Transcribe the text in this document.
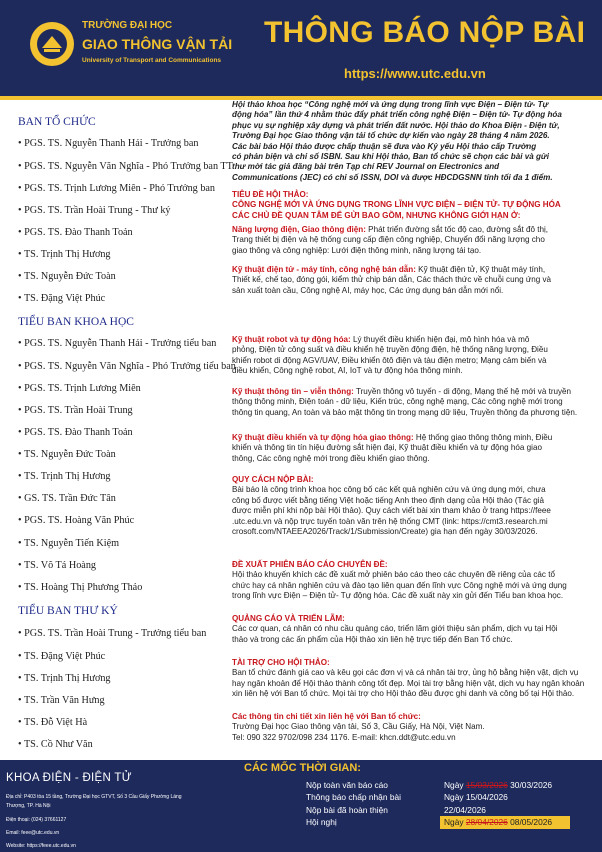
TRƯỜNG ĐẠI HỌC
GIAO THÔNG VẬN TẢI
University of Transport and Communications
THÔNG BÁO NỘP BÀI
https://www.utc.edu.vn
BAN TỔ CHỨC
• PGS. TS. Nguyễn Thanh Hải - Trưởng ban
• PGS. TS. Nguyễn Văn Nghĩa - Phó Trưởng ban TT
• PGS. TS. Trịnh Lương Miên - Phó Trưởng ban
• PGS. TS. Trần Hoài Trung - Thư ký
• PGS. TS. Đào Thanh Toản
• TS. Trịnh Thị Hương
• TS. Nguyễn Đức Toàn
• TS. Đặng Việt Phúc
TIỂU BAN KHOA HỌC
• PGS. TS. Nguyễn Thanh Hải - Trưởng tiểu ban
• PGS. TS. Nguyễn Văn Nghĩa - Phó Trưởng tiểu ban
• PGS. TS. Trịnh Lương Miên
• PGS. TS. Trần Hoài Trung
• PGS. TS. Đào Thanh Toản
• TS. Nguyễn Đức Toàn
• TS. Trịnh Thị Hương
• GS. TS. Trần Đức Tân
• PGS. TS. Hoàng Văn Phúc
• TS. Nguyễn Tiến Kiệm
• TS. Võ Tá Hoàng
• TS. Hoàng Thị Phương Thảo
TIỂU BAN THƯ KÝ
• PGS. TS. Trần Hoài Trung - Trưởng tiểu ban
• TS. Đặng Việt Phúc
• TS. Trịnh Thị Hương
• TS. Trần Văn Hưng
• TS. Đỗ Việt Hà
• TS. Cồ Như Văn
Hội thảo khoa học “Công nghệ mới và ứng dụng trong lĩnh vực Điện – Điện tử- Tự
động hóa” lần thứ 4 nhằm thúc đẩy phát triển công nghệ Điện – Điện tử- Tự động hóa
phục vụ sự nghiệp xây dựng và phát triển đất nước. Hội thảo do Khoa Điện - Điện tử,
Trường Đại học Giao thông vận tải tổ chức dự kiến vào ngày 28 tháng 4 năm 2026.
Các bài báo Hội thảo được chấp thuận sẽ đưa vào Kỷ yếu Hội thảo cấp Trường
có phản biện và chỉ số ISBN. Sau khi Hội thảo, Ban tổ chức sẽ chọn các bài và gửi
thư mời tác giả đăng bài trên Tạp chí REV Journal on Electronics and
Communications (JEC) có chỉ số ISSN, DOI và được HĐCDGSNN tính tối đa 1 điểm.
TIÊU ĐỀ HỘI THẢO:
CÔNG NGHỆ MỚI VÀ ỨNG DỤNG TRONG LĨNH VỰC ĐIỆN – ĐIỆN TỬ- TỰ ĐỘNG HÓA
CÁC CHỦ ĐỀ QUAN TÂM ĐỂ GỬI BAO GỒM, NHƯNG KHÔNG GIỚI HẠN Ở:
Năng lượng điện, Giao thông điện: Phát triển đường sắt tốc độ cao, đường sắt đô thị,
Trang thiết bị điện và hệ thống cung cấp điện công nghiệp, Chuyển đổi năng lượng cho
giao thông và công nghiệp: Lưới điện thông minh, năng lượng tái tạo.
Kỹ thuật điện tử - máy tính, công nghệ bán dẫn: Kỹ thuật điện tử, Kỹ thuật máy tính,
Thiết kế, chế tạo, đóng gói, kiểm thử chip bán dẫn, Các thách thức về chuỗi cung ứng và
sản xuất toàn cầu, Công nghệ AI, máy học, Các ứng dụng bán dẫn mới nổi.
Kỹ thuật robot và tự động hóa: Lý thuyết điều khiển hiện đại, mô hình hóa và mô
phỏng, Điện tử công suất và điều khiển hệ truyền động điện, hệ thống năng lượng, Điều
khiển robot di động AGV/UAV, Điều khiển ôtô điện và tàu điện metro; Mạng cảm biến và
điều khiển, Công nghệ robot, AI, IoT và tự động hóa thông minh.
Kỹ thuật thông tin – viễn thông: Truyền thông vô tuyến - di động, Mạng thế hệ mới và truyền
thông thông minh, Điện toán - dữ liệu, Kiến trúc, công nghệ mạng, Các công nghệ mới trong
thông tin quang, An toàn và bảo mật thông tin trong mạng dữ liệu, Truyền thông đa phương tiện.
Kỹ thuật điều khiển và tự động hóa giao thông: Hệ thống giao thông thông minh, Điều
khiển và thông tin tín hiệu đường sắt hiện đại, Kỹ thuật điều khiển và tự động hóa giao
thông, Các công nghệ mới trong điều khiển giao thông.
QUY CÁCH NỘP BÀI:
Bài báo là công trình khoa học công bố các kết quả nghiên cứu và ứng dụng mới, chưa
công bố được viết bằng tiếng Việt hoặc tiếng Anh theo định dạng của Hội thảo (Tác giả
được miễn phí khi nộp bài Hội thảo). Quy cách viết bài xin tham khảo ở trang https://feee
.utc.edu.vn và nộp trực tuyến toàn văn trên hệ thống CMT (link: https://cmt3.research.mi
crosoft.com/NTAEEA2026/Track/1/Submission/Create) gia hạn đến ngày 30/03/2026.
ĐỀ XUẤT PHIÊN BÁO CÁO CHUYÊN ĐỀ:
Hội thảo khuyến khích các đề xuất mở phiên báo cáo theo các chuyên đề riêng của các tổ
chức hay cá nhân nghiên cứu và đào tạo liên quan đến lĩnh vực Công nghệ mới và ứng dụng
trong lĩnh vực Điện – Điện tử- Tự động hóa. Các đề xuất này xin gửi đến Tiểu ban khoa học.
QUẢNG CÁO VÀ TRIỂN LÃM:
Các cơ quan, cá nhân có nhu cầu quảng cáo, triển lãm giới thiệu sản phẩm, dịch vụ tại Hội
thảo và trong các ấn phẩm của Hội thảo xin liên hệ trực tiếp đến Ban Tổ chức.
TÀI TRỢ CHO HỘI THẢO:
Ban tổ chức đánh giá cao và kêu gọi các đơn vị và cá nhân tài trợ, ủng hộ bằng hiện vật, dịch vụ
hay ngân khoản để Hội thảo thành công tốt đẹp. Mọi tài trợ bằng hiện vật, dịch vụ hay ngân khoản
xin liên hệ với Ban tổ chức. Mọi tài trợ cho Hội thảo đều được ghi danh và công bố tại Hội thảo.
Các thông tin chi tiết xin liên hệ với Ban tổ chức:
Trường Đại học Giao thông vận tải, Số 3, Cầu Giấy, Hà Nội, Việt Nam.
Tel: 090 322 9702/098 234 1176. E-mail: khcn.ddt@utc.edu.vn
KHOA ĐIỆN - ĐIỆN TỬ
Địa chỉ: P403 tòa 15 tầng, Trường Đại học GTVT, Số 3 Cầu Giấy Phường Láng
Thượng, TP. Hà Nội
Điện thoại: (024) 37661127
Email: feee@utc.edu.vn
Website: https://feee.utc.edu.vn
CÁC MỐC THỜI GIAN:
Nộp toàn văn báo cáo	Ngày 15/03/2026 30/03/2026
Thông báo chấp nhận bài	Ngày 15/04/2026
Nộp bài đã hoàn thiện	22/04/2026
Hội nghị	Ngày 28/04/2026 08/05/2026
